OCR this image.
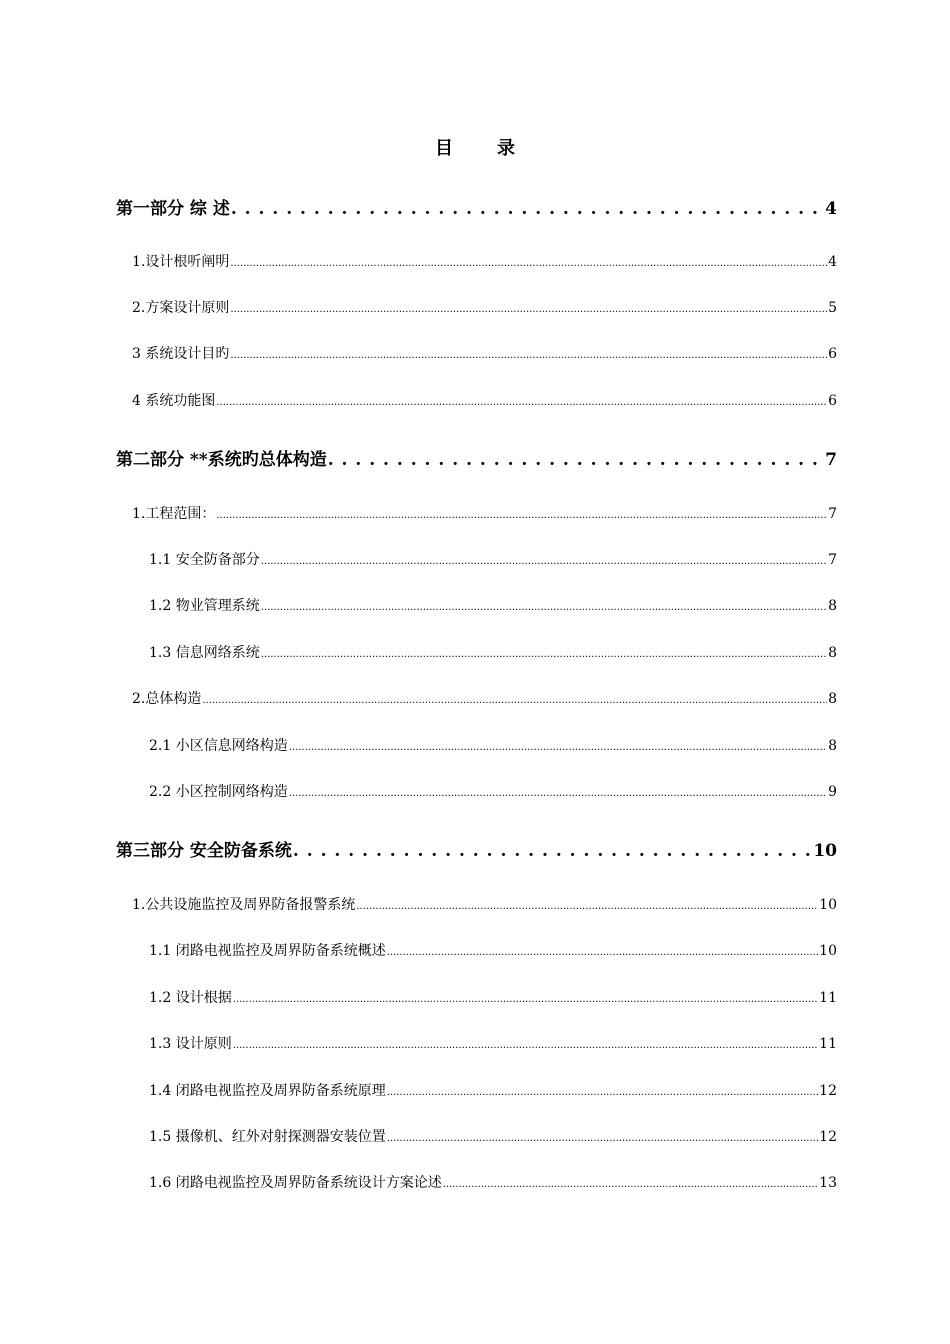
目录
第一部分 综 述 . . .	4
1.设计根听阐明 .....	4
2.方案设计原则 .....	5
3 系统设计目旳 .....	6
4 系统功能图 .....	6
第二部分 **系统旳总体构造 . . .	7
1.工程范围： .....	7
1.1 安全防备部分 .....	7
1.2 物业管理系统 .....	8
1.3 信息网络系统 .....	8
2.总体构造 .....	8
2.1 小区信息网络构造 .....	8
2.2 小区控制网络构造 .....	9
第三部分 安全防备系统 . . .	10
1.公共设施监控及周界防备报警系统 .....	10
1.1 闭路电视监控及周界防备系统概述 .....	10
1.2 设计根据 .....	11
1.3 设计原则 .....	11
1.4 闭路电视监控及周界防备系统原理 .....	12
1.5 摄像机、红外对射探测器安装位置 .....	12
1.6 闭路电视监控及周界防备系统设计方案论述 .....	13
